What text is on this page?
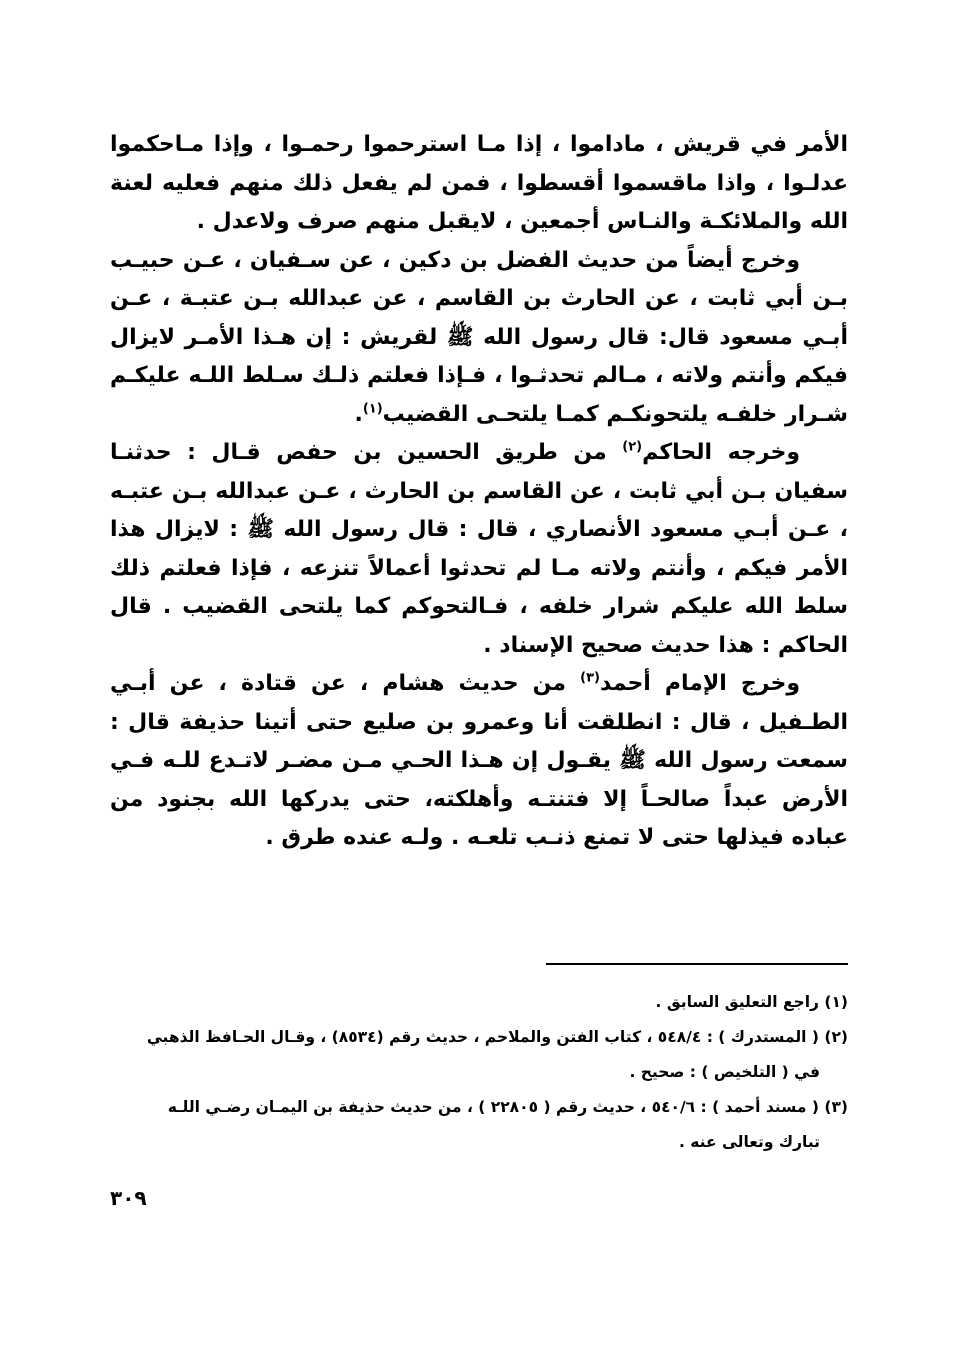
الأمر في قريش ، ماداموا ، إذا مـا استرحموا رحمـوا ، وإذا مـاحكموا عدلـوا ، واذا ماقسموا أقسطوا ، فمن لم يفعل ذلك منهم فعليه لعنة الله والملائكـة والنـاس أجمعين ، لايقبل منهم صرف ولاعدل .

وخرج أيضاً من حديث الفضل بن دكين ، عن سـفيان ، عـن حبيـب بـن أبي ثابت ، عن الحارث بن القاسم ، عن عبدالله بـن عتبـة ، عـن أبـي مسعود قال: قال رسول الله ﷺ لقريش : إن هـذا الأمـر لايزال فيكم وأنتم ولاته ، مـالم تحدثـوا ، فـإذا فعلتم ذلـك سـلط اللـه عليكـم شـرار خلفـه يلتحونكـم كمـا يلتحـى القضيب$^{(١)}$.

وخرجه الحاكم$^{(٢)}$ من طريق الحسين بن حفص قـال : حدثنـا سفيان بـن أبي ثابت ، عن القاسم بن الحارث ، عـن عبدالله بـن عتبـه ، عـن أبـي مسعود الأنصاري ، قال : قال رسول الله ﷺ : لايزال هذا الأمر فيكم ، وأنتم ولاته مـا لم تحدثوا أعمالاً تنزعه ، فإذا فعلتم ذلك سلط الله عليكم شرار خلفه ، فـالتحوكم كما يلتحى القضيب . قال الحاكم : هذا حديث صحيح الإسناد .

وخرج الإمام أحمد$^{(٣)}$ من حديث هشام ، عن قتادة ، عن أبـي الطـفيل ، قال : انطلقت أنا وعمرو بن صليع حتى أتينا حذيفة قال : سمعت رسول الله ﷺ يقـول إن هـذا الحـي مـن مضـر لاتـدع للـه فـي الأرض عبداً صالحـاً إلا فتنتـه وأهلكته، حتى يدركها الله بجنود من عباده فيذلها حتى لا تمنع ذنـب تلعـه . ولـه عنده طرق .

(١) راجع التعليق السابق .
(٢) ( المستدرك ) : ٥٤٨/٤ ، كتاب الفتن والملاحم ، حديث رقم (٨٥٣٤) ، وقـال الحـافظ الذهبي
في ( التلخيص ) : صحيح .
(٣) ( مسند أحمد ) : ٥٤٠/٦ ، حديث رقم ( ٢٢٨٠٥ ) ، من حديث حذيفة بن اليمـان رضـي اللـه
تبارك وتعالى عنه .
٣٠٩
